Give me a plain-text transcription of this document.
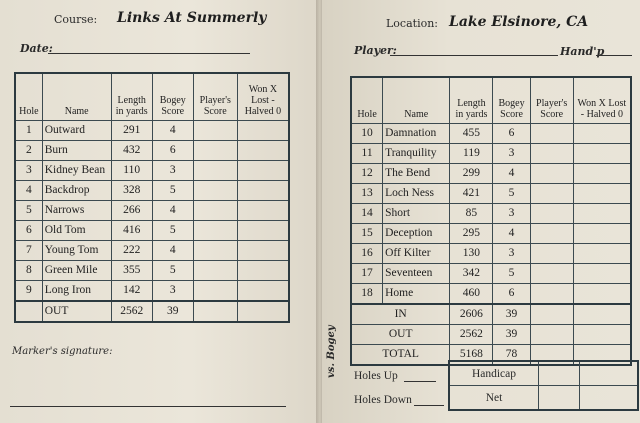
Course: Links At Summerly
Date:
Hole	Name	Length in yards	Bogey Score	Player's Score	Won X Lost - Halved 0
1	Outward	291	4		
2	Burn	432	6		
3	Kidney Bean	110	3		
4	Backdrop	328	5		
5	Narrows	266	4		
6	Old Tom	416	5		
7	Young Tom	222	4		
8	Green Mile	355	5		
9	Long Iron	142	3		
	OUT	2562	39		
Marker's signature:
Location: Lake Elsinore, CA
Player:	Hand'p
Hole	Name	Length in yards	Bogey Score	Player's Score	Won X Lost - Halved 0
10	Damnation	455	6		
11	Tranquility	119	3		
12	The Bend	299	4		
13	Loch Ness	421	5		
14	Short	85	3		
15	Deception	295	4		
16	Off Kilter	130	3		
17	Seventeen	342	5		
18	Home	460	6		
IN		2606	39		
OUT		2562	39		
TOTAL		5168	78		
vs. Bogey Holes Up
Holes Down
Handicap		
Net		
